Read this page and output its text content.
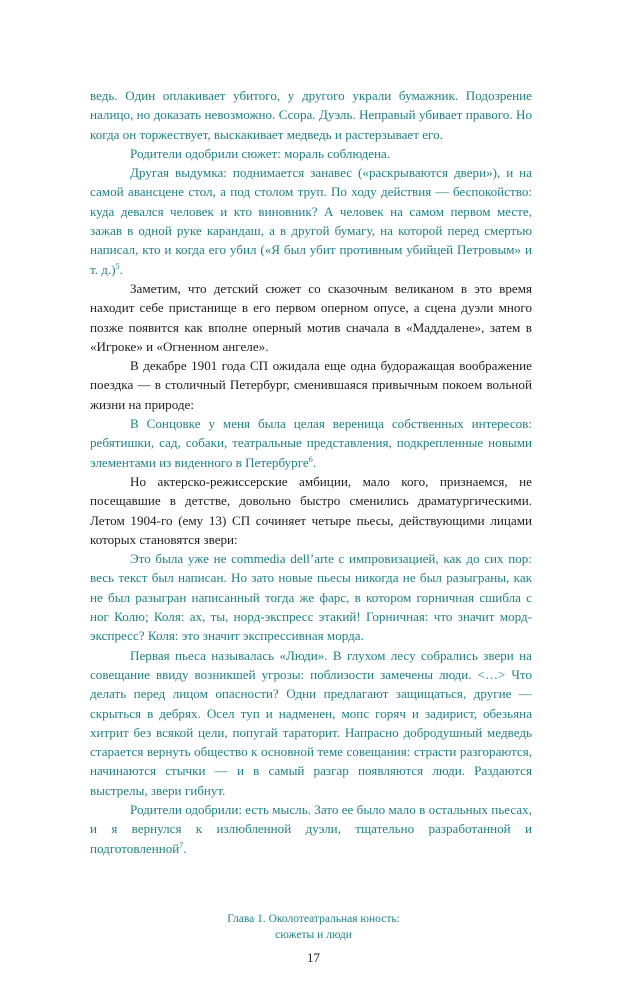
ведь. Один оплакивает убитого, у другого украли бумажник. Подозрение налицо, но доказать невозможно. Ссора. Дуэль. Неправый убивает правого. Но когда он торжествует, выскакивает медведь и растерзывает его.

Родители одобрили сюжет: мораль соблюдена.

Другая выдумка: поднимается занавес («раскрываются двери»), и на самой авансцене стол, а под столом труп. По ходу действия — беспокойство: куда девался человек и кто виновник? А человек на самом первом месте, зажав в одной руке карандаш, а в другой бумагу, на которой перед смертью написал, кто и когда его убил («Я был убит противным убийцей Петровым» и т. д.)$^5$.

Заметим, что детский сюжет со сказочным великаном в это время находит себе пристанище в его первом оперном опусе, а сцена дуэли много позже появится как вполне оперный мотив сначала в «Маддалене», затем в «Игроке» и «Огненном ангеле».

В декабре 1901 года СП ожидала еще одна будоражащая воображение поездка — в столичный Петербург, сменившаяся привычным покоем вольной жизни на природе:

В Сонцовке у меня была целая вереница собственных интересов: ребятишки, сад, собаки, театральные представления, подкрепленные новыми элементами из виденного в Петербурге$^6$.

Но актерско-режиссерские амбиции, мало кого, признаемся, не посещавшие в детстве, довольно быстро сменились драматургическими. Летом 1904-го (ему 13) СП сочиняет четыре пьесы, действующими лицами которых становятся звери:

Это была уже не commedia dell’arte с импровизацией, как до сих пор: весь текст был написан. Но зато новые пьесы никогда не был разыграны, как не был разыгран написанный тогда же фарс, в котором горничная сшибла с ног Колю; Коля: ах, ты, норд-экспресс этакий! Горничная: что значит морд-экспресс? Коля: это значит экспрессивная морда.

Первая пьеса называлась «Люди». В глухом лесу собрались звери на совещание ввиду возникшей угрозы: поблизости замечены люди. <…> Что делать перед лицом опасности? Одни предлагают защищаться, другие — скрыться в дебрях. Осел туп и надменен, мопс горяч и задирист, обезьяна хитрит без всякой цели, попугай тараторит. Напрасно добродушный медведь старается вернуть общество к основной теме совещания: страсти разгораются, начинаются стычки — и в самый разгар появляются люди. Раздаются выстрелы, звери гибнут.

Родители одобрили: есть мысль. Зато ее было мало в остальных пьесах, и я вернулся к излюбленной дуэли, тщательно разработанной и подготовленной$^7$.

Глава 1. Околотеатральная юность:
сюжеты и люди
17
